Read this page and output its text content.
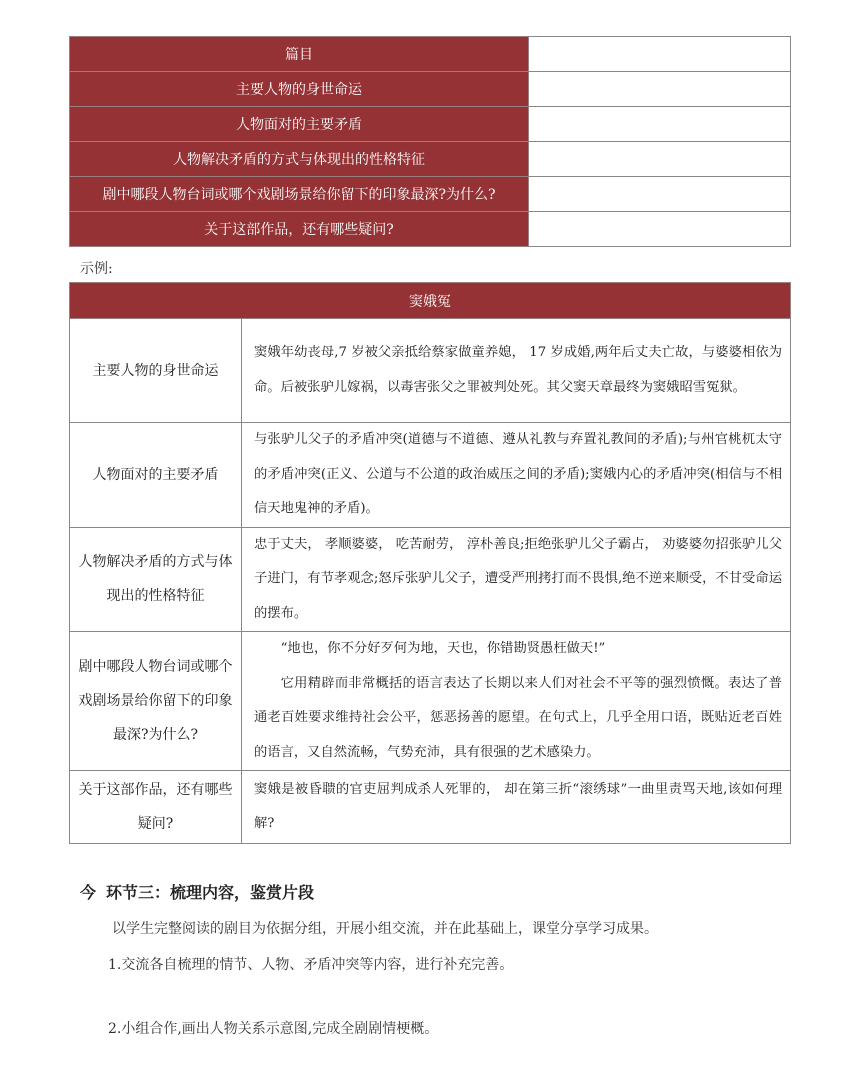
篇目	
主要人物的身世命运	
人物面对的主要矛盾	
人物解决矛盾的方式与体现出的性格特征	
剧中哪段人物台词或哪个戏剧场景给你留下的印象最深?为什么?	
关于这部作品，还有哪些疑问?	
示例:
窦娥冤	
主要人物的身世命运	窦娥年幼丧母,7 岁被父亲抵给蔡家做童养媳， 17 岁成婚,两年后丈夫亡故，与婆婆相依为命。后被张驴儿嫁祸，以毒害张父之罪被判处死。其父窦天章最终为窦娥昭雪冤狱。

人物面对的主要矛盾	与张驴儿父子的矛盾冲突(道德与不道德、遵从礼教与弃置礼教间的矛盾);与州官桃杌太守的矛盾冲突(正义、公道与不公道的政治威压之间的矛盾);窦娥内心的矛盾冲突(相信与不相信天地鬼神的矛盾)。

人物解决矛盾的方式与体现出的性格特征	忠于丈夫， 孝顺婆婆， 吃苦耐劳， 淳朴善良;拒绝张驴儿父子霸占， 劝婆婆勿招张驴儿父子进门，有节孝观念;怒斥张驴儿父子，遭受严刑拷打而不畏惧,绝不逆来顺受，不甘受命运的摆布。

剧中哪段人物台词或哪个戏剧场景给你留下的印象最深?为什么?	“地也，你不分好歹何为地，天也，你错勘贤愚枉做天!”

它用精辟而非常概括的语言表达了长期以来人们对社会不平等的强烈愤慨。表达了普通老百姓要求维持社会公平，惩恶扬善的愿望。在句式上，几乎全用口语，既贴近老百姓的语言，又自然流畅，气势充沛，具有很强的艺术感染力。

关于这部作品，还有哪些疑问?	窦娥是被昏聩的官吏屈判成杀人死罪的， 却在第三折“滚绣球”一曲里责骂天地,该如何理解?

今 环节三：梳理内容，鉴赏片段
以学生完整阅读的剧目为依据分组，开展小组交流，并在此基础上，课堂分享学习成果。
1.交流各自梳理的情节、人物、矛盾冲突等内容，进行补充完善。
2.小组合作,画出人物关系示意图,完成全剧剧情梗概。
